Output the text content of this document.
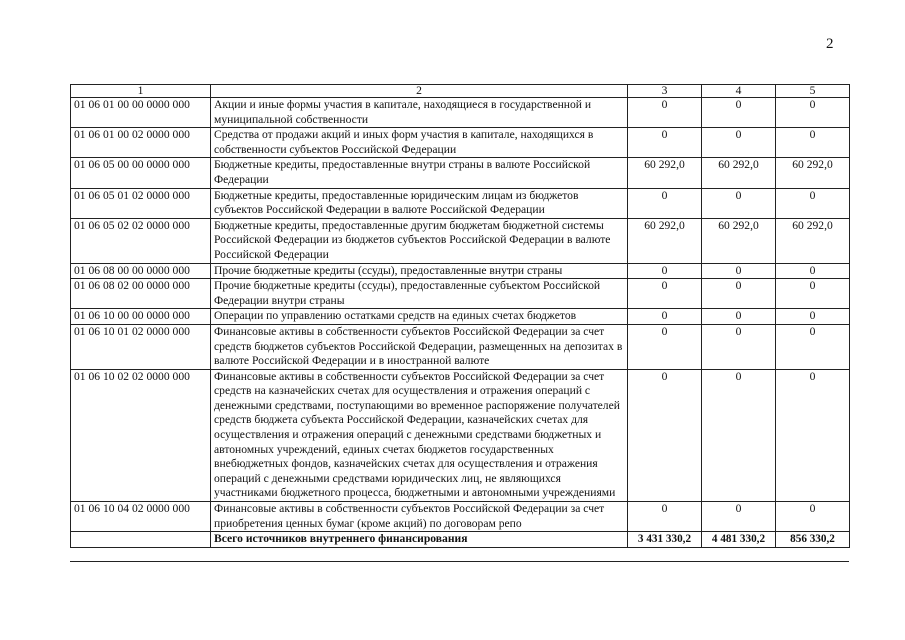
2
1	2	3	4	5
01 06 01 00 00 0000 000	Акции и иные формы участия в капитале, находящиеся в государственной и муниципальной собственности	0	0	0
01 06 01 00 02 0000 000	Средства от продажи акций и иных форм участия в капитале, находящихся в собственности субъектов Российской Федерации	0	0	0
01 06 05 00 00 0000 000	Бюджетные кредиты, предоставленные внутри страны в валюте Российской Федерации	60 292,0	60 292,0	60 292,0
01 06 05 01 02 0000 000	Бюджетные кредиты, предоставленные юридическим лицам из бюджетов субъектов Российской Федерации в валюте Российской Федерации	0	0	0
01 06 05 02 02 0000 000	Бюджетные кредиты, предоставленные другим бюджетам бюджетной системы Российской Федерации из бюджетов субъектов Российской Федерации в валюте Российской Федерации	60 292,0	60 292,0	60 292,0
01 06 08 00 00 0000 000	Прочие бюджетные кредиты (ссуды), предоставленные внутри страны	0	0	0
01 06 08 02 00 0000 000	Прочие бюджетные кредиты (ссуды), предоставленные субъектом Российской Федерации внутри страны	0	0	0
01 06 10 00 00 0000 000	Операции по управлению остатками средств на единых счетах бюджетов	0	0	0
01 06 10 01 02 0000 000	Финансовые активы в собственности субъектов Российской Федерации за счет средств бюджетов субъектов Российской Федерации, размещенных на депозитах в валюте Российской Федерации и в иностранной валюте	0	0	0
01 06 10 02 02 0000 000	Финансовые активы в собственности субъектов Российской Федерации за счет средств на казначейских счетах для осуществления и отражения операций с денежными средствами, поступающими во временное распоряжение получателей средств бюджета субъекта Российской Федерации, казначейских счетах для осуществления и отражения операций с денежными средствами бюджетных и автономных учреждений, единых счетах бюджетов государственных внебюджетных фондов, казначейских счетах для осуществления и отражения операций с денежными средствами юридических лиц, не являющихся участниками бюджетного процесса, бюджетными и автономными учреждениями	0	0	0
01 06 10 04 02 0000 000	Финансовые активы в собственности субъектов Российской Федерации за счет приобретения ценных бумаг (кроме акций) по договорам репо	0	0	0
	Всего источников внутреннего финансирования	3 431 330,2	4 481 330,2	856 330,2
